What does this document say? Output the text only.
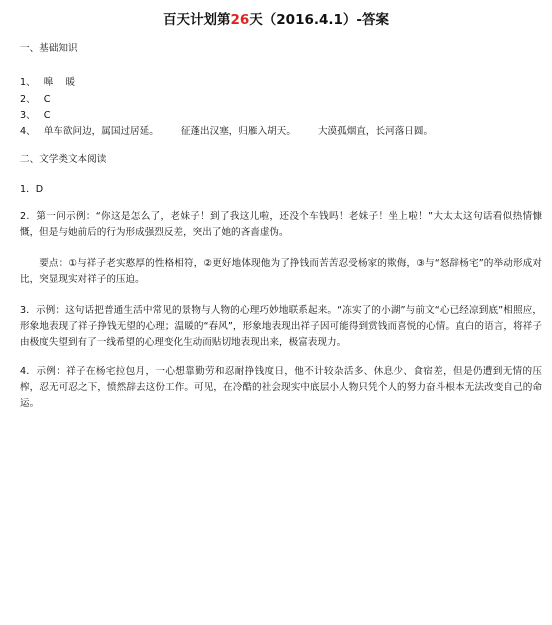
百天计划第26天（2016.4.1）-答案
一、基础知识
1、 嗥    暖
2、 C
3、 C
4、 单车欲问边，属国过居延。 征蓬出汉塞，归雁入胡天。 大漠孤烟直，长河落日圆。
二、文学类文本阅读
1．D
2．第一问示例：“你这是怎么了，老妹子！到了我这儿啦，还没个车钱吗！老妹子！坐上啦！”大太太这句话看似热情慷慨，但是与她前后的行为形成强烈反差，突出了她的吝啬虚伪。
要点：①与祥子老实憨厚的性格相符，②更好地体现他为了挣钱而苦苦忍受杨家的欺侮，③与“怒辞杨宅”的举动形成对比，突显现实对祥子的压迫。
3．示例：这句话把普通生活中常见的景物与人物的心理巧妙地联系起来。“冻实了的小湖”与前文“心已经凉到底”相照应，形象地表现了祥子挣钱无望的心理；温暖的“春风”，形象地表现出祥子因可能得到赏钱而喜悦的心情。直白的语言，将祥子由极度失望到有了一线希望的心理变化生动而贴切地表现出来，极富表现力。
4．示例：祥子在杨宅拉包月，一心想靠勤劳和忍耐挣钱度日，他不计较杂活多、休息少、食宿差，但是仍遭到无情的压榨，忍无可忍之下，愤然辞去这份工作。可见，在冷酷的社会现实中底层小人物只凭个人的努力奋斗根本无法改变自己的命运。
